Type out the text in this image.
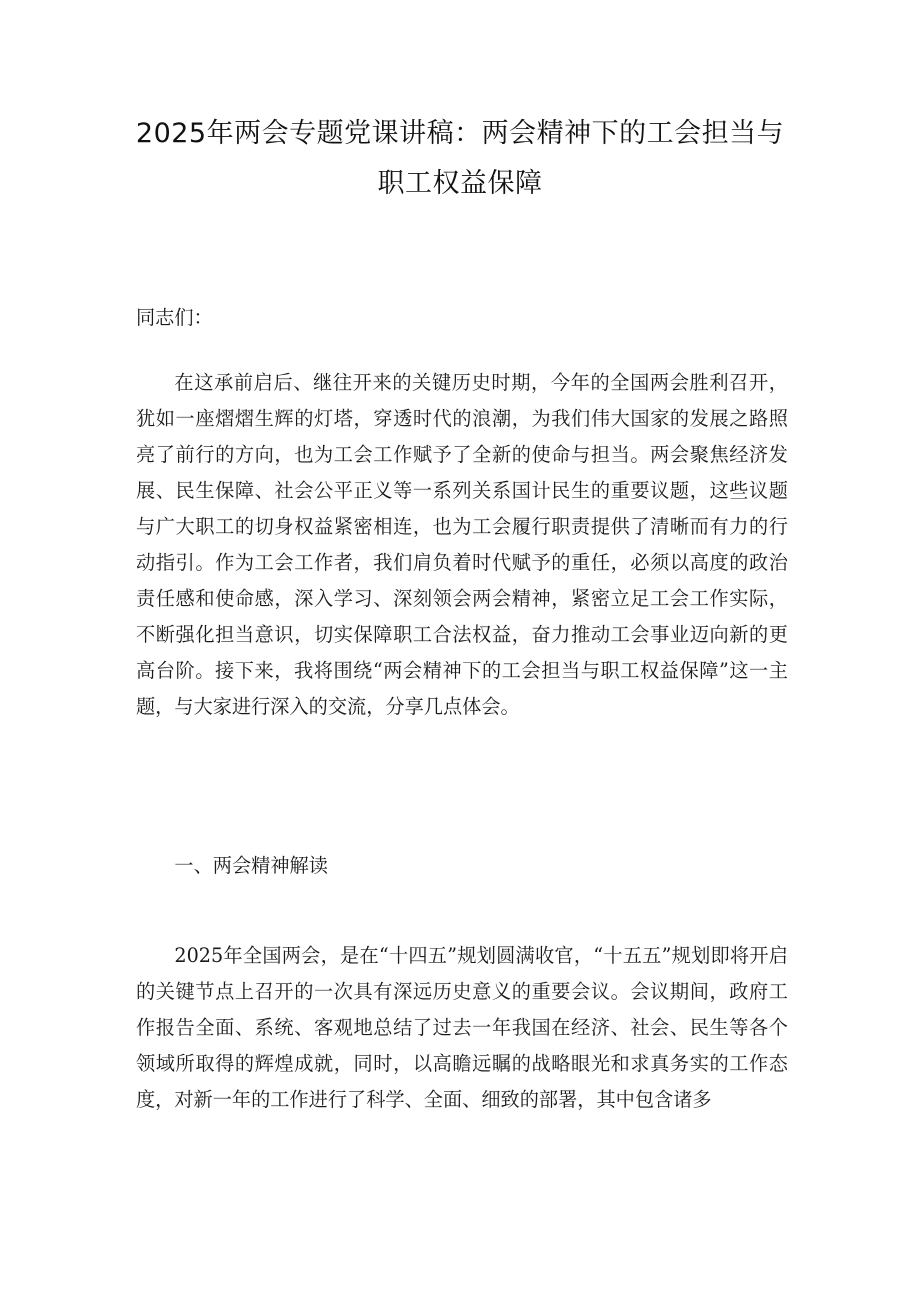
2025年两会专题党课讲稿：两会精神下的工会担当与
职工权益保障

同志们：

在这承前启后、继往开来的关键历史时期，今年的全国两会胜利召开，犹如一座熠熠生辉的灯塔，穿透时代的浪潮，为我们伟大国家的发展之路照亮了前行的方向，也为工会工作赋予了全新的使命与担当。两会聚焦经济发展、民生保障、社会公平正义等一系列关系国计民生的重要议题，这些议题与广大职工的切身权益紧密相连，也为工会履行职责提供了清晰而有力的行动指引。作为工会工作者，我们肩负着时代赋予的重任，必须以高度的政治责任感和使命感，深入学习、深刻领会两会精神，紧密立足工会工作实际，不断强化担当意识，切实保障职工合法权益，奋力推动工会事业迈向新的更高台阶。接下来，我将围绕“两会精神下的工会担当与职工权益保障”这一主题，与大家进行深入的交流，分享几点体会。

一、两会精神解读

2025年全国两会，是在“十四五”规划圆满收官，“十五五”规划即将开启的关键节点上召开的一次具有深远历史意义的重要会议。会议期间，政府工作报告全面、系统、客观地总结了过去一年我国在经济、社会、民生等各个领域所取得的辉煌成就，同时，以高瞻远瞩的战略眼光和求真务实的工作态度，对新一年的工作进行了科学、全面、细致的部署，其中包含诸多
